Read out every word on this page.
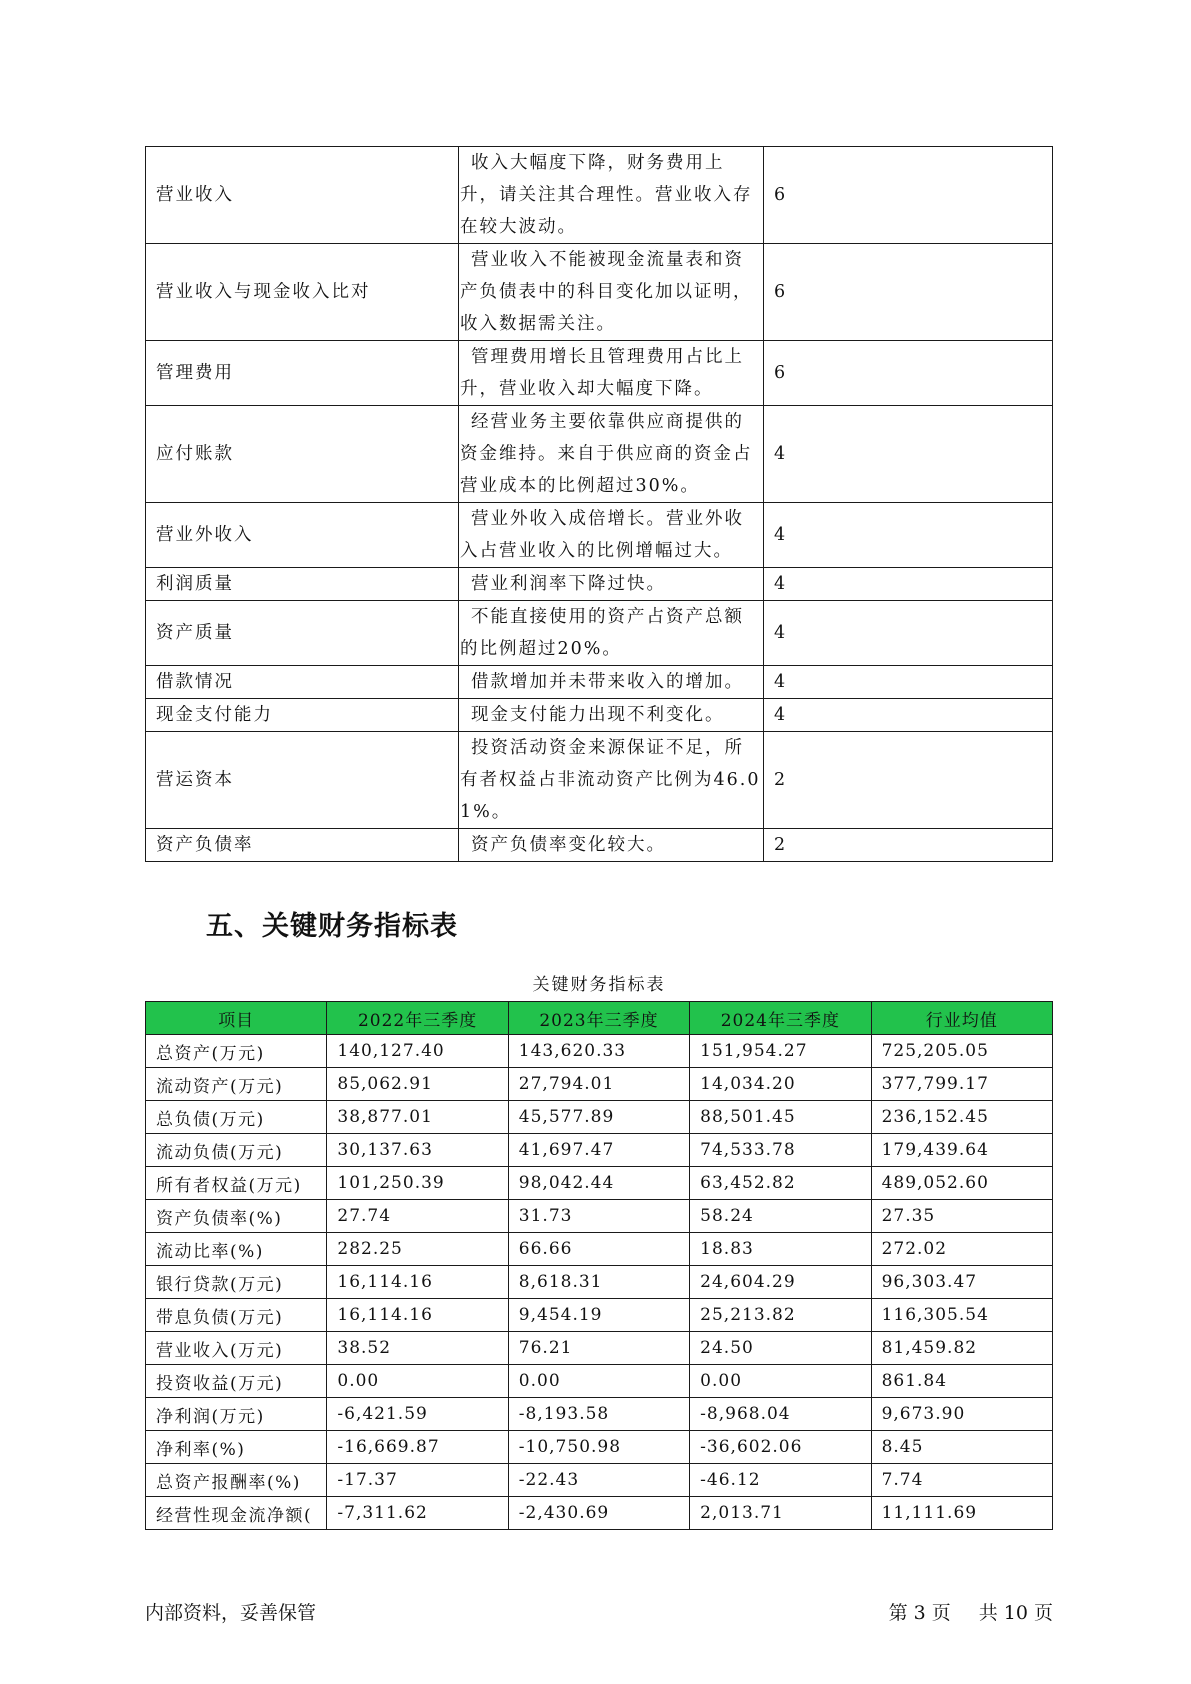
营业收入	收入大幅度下降，财务费用上升，请关注其合理性。营业收入存在较大波动。	6
营业收入与现金收入比对	营业收入不能被现金流量表和资产负债表中的科目变化加以证明，收入数据需关注。	6
管理费用	管理费用增长且管理费用占比上升，营业收入却大幅度下降。	6
应付账款	经营业务主要依靠供应商提供的资金维持。来自于供应商的资金占营业成本的比例超过30%。	4
营业外收入	营业外收入成倍增长。营业外收入占营业收入的比例增幅过大。	4
利润质量	营业利润率下降过快。	4
资产质量	不能直接使用的资产占资产总额的比例超过20%。	4
借款情况	借款增加并未带来收入的增加。	4
现金支付能力	现金支付能力出现不利变化。	4
营运资本	投资活动资金来源保证不足，所有者权益占非流动资产比例为46.01%。	2
资产负债率	资产负债率变化较大。	2
五、关键财务指标表
关键财务指标表
项目	2022年三季度	2023年三季度	2024年三季度	行业均值
总资产(万元)	140,127.40	143,620.33	151,954.27	725,205.05
流动资产(万元)	85,062.91	27,794.01	14,034.20	377,799.17
总负债(万元)	38,877.01	45,577.89	88,501.45	236,152.45
流动负债(万元)	30,137.63	41,697.47	74,533.78	179,439.64
所有者权益(万元)	101,250.39	98,042.44	63,452.82	489,052.60
资产负债率(%)	27.74	31.73	58.24	27.35
流动比率(%)	282.25	66.66	18.83	272.02
银行贷款(万元)	16,114.16	8,618.31	24,604.29	96,303.47
带息负债(万元)	16,114.16	9,454.19	25,213.82	116,305.54
营业收入(万元)	38.52	76.21	24.50	81,459.82
投资收益(万元)	0.00	0.00	0.00	861.84
净利润(万元)	-6,421.59	-8,193.58	-8,968.04	9,673.90
净利率(%)	-16,669.87	-10,750.98	-36,602.06	8.45
总资产报酬率(%)	-17.37	-22.43	-46.12	7.74
经营性现金流净额(	-7,311.62	-2,430.69	2,013.71	11,111.69
内部资料，妥善保管	第 3 页 共 10 页
